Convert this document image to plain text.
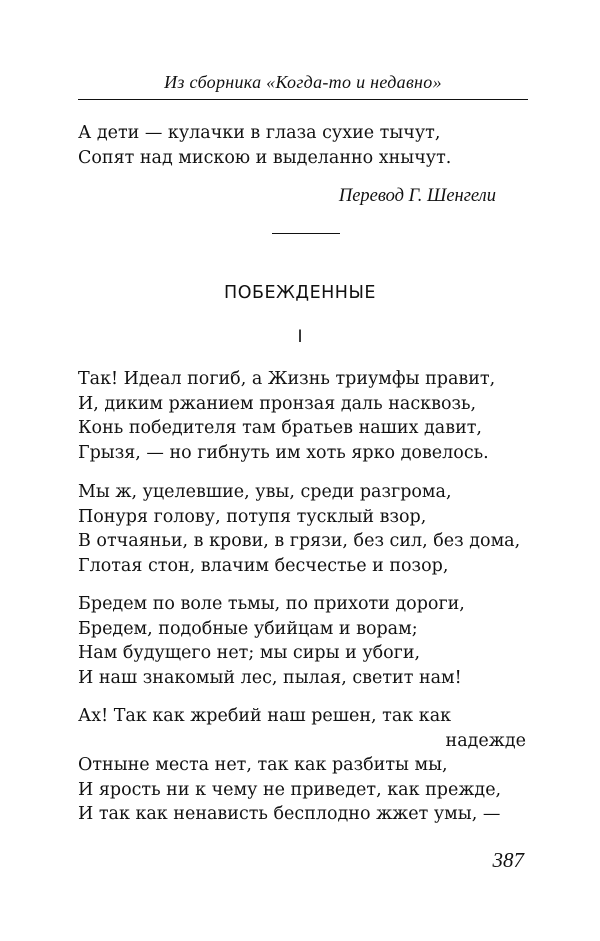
Из сборника «Когда-то и недавно»
А дети — кулачки в глаза сухие тычут,
Сопят над мискою и выделанно хнычут.
Перевод Г. Шенгели
ПОБЕЖДЕННЫЕ
I
Так! Идеал погиб, а Жизнь триумфы правит,
И, диким ржанием пронзая даль насквозь,
Конь победителя там братьев наших давит,
Грызя, — но гибнуть им хоть ярко довелось.
Мы ж, уцелевшие, увы, среди разгрома,
Понуря голову, потупя тусклый взор,
В отчаяньи, в крови, в грязи, без сил, без дома,
Глотая стон, влачим бесчестье и позор,
Бредем по воле тьмы, по прихоти дороги,
Бредем, подобные убийцам и ворам;
Нам будущего нет; мы сиры и убоги,
И наш знакомый лес, пылая, светит нам!
Ах! Так как жребий наш решен, так как
надежде
Отныне места нет, так как разбиты мы,
И ярость ни к чему не приведет, как прежде,
И так как ненависть бесплодно жжет умы, —
387
